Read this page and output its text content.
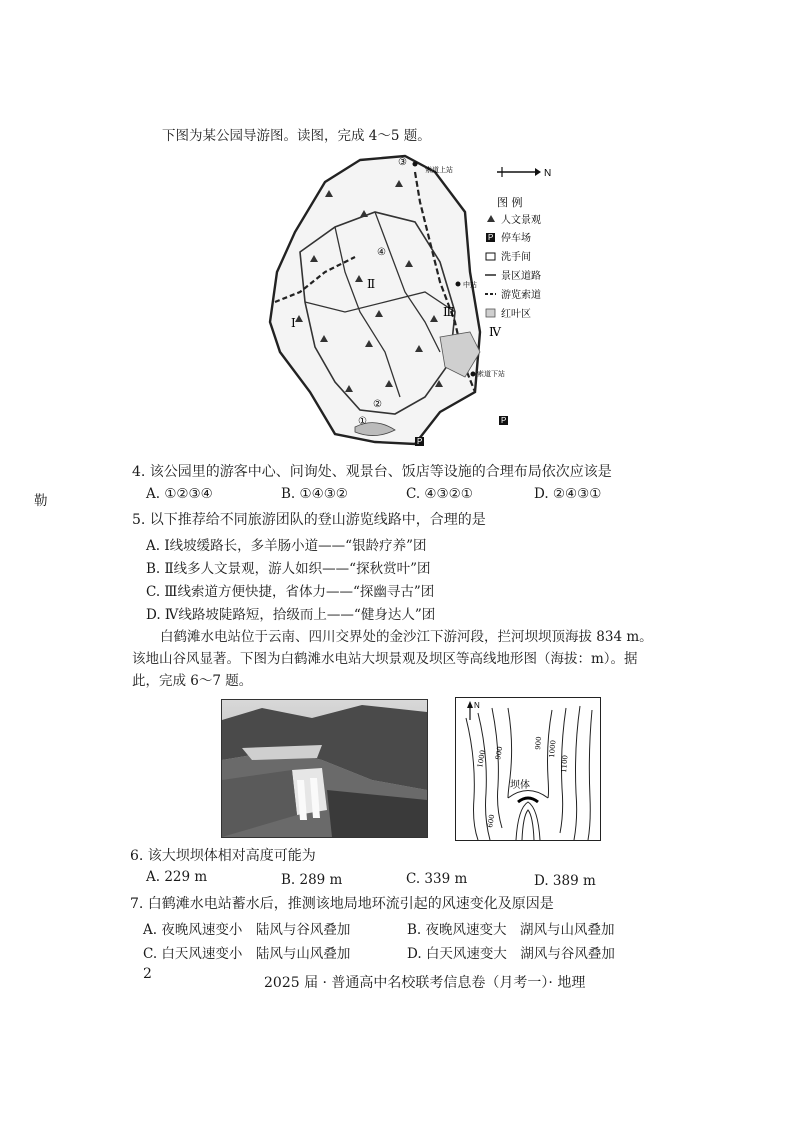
下图为某公园导游图。读图，完成 4～5 题。
P
P
③
④
②
①
Ⅰ
Ⅱ
Ⅲ
Ⅳ
索道上站
中站
索道下站
N
图 例
人文景观
P 停车场
洗手间
景区道路
游览索道
红叶区
勒
4. 该公园里的游客中心、问询处、观景台、饭店等设施的合理布局依次应该是
A. ①②③④	B. ①④③②	C. ④③②①	D. ②④③①
5. 以下推荐给不同旅游团队的登山游览线路中，合理的是
A. Ⅰ线坡缓路长，多羊肠小道——“银龄疗养”团
B. Ⅱ线多人文景观，游人如织——“探秋赏叶”团
C. Ⅲ线索道方便快捷，省体力——“探幽寻古”团
D. Ⅳ线路坡陡路短，拾级而上——“健身达人”团
白鹤滩水电站位于云南、四川交界处的金沙江下游河段，拦河坝坝顶海拔 834 m。该地山谷风显著。下图为白鹤滩水电站大坝景观及坝区等高线地形图（海拔：m）。据此，完成 6～7 题。
N
坝体
1000 900
1100
1000
900
600
6. 该大坝坝体相对高度可能为
A. 229 m	B. 289 m	C. 339 m	D. 389 m
7. 白鹤滩水电站蓄水后，推测该地局地环流引起的风速变化及原因是
A. 夜晚风速变小　陆风与谷风叠加	B. 夜晚风速变大　湖风与山风叠加
C. 白天风速变小　陆风与山风叠加	D. 白天风速变大　湖风与谷风叠加
2
2025 届 · 普通高中名校联考信息卷（月考一）· 地理
